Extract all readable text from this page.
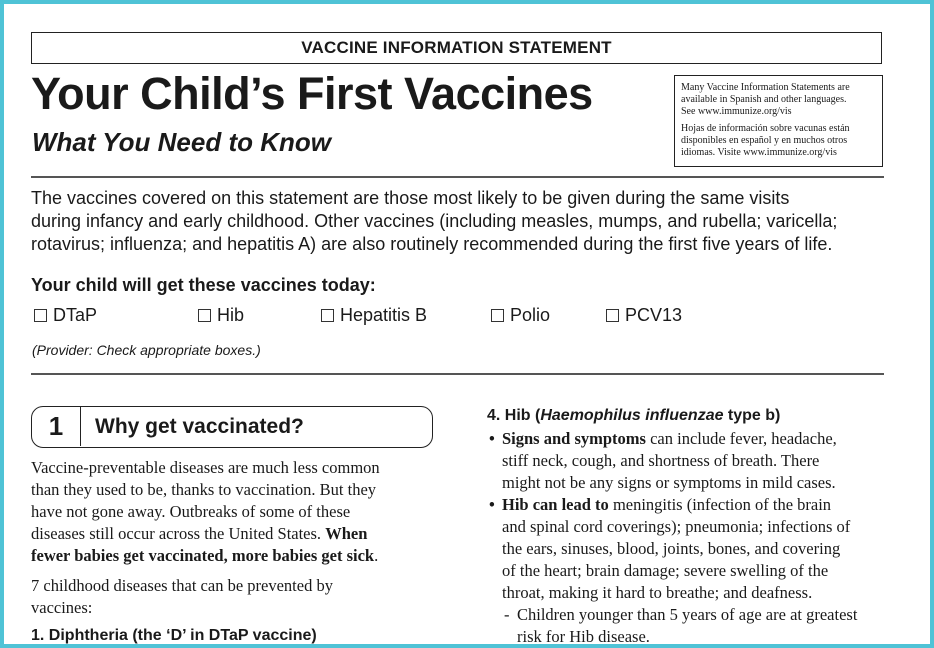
VACCINE INFORMATION STATEMENT
Your Child’s First Vaccines
What You Need to Know

Many Vaccine Information Statements are
available in Spanish and other languages.
See www.immunize.org/vis

Hojas de información sobre vacunas están
disponibles en español y en muchos otros
idiomas. Visite www.immunize.org/vis

The vaccines covered on this statement are those most likely to be given during the same visits
during infancy and early childhood. Other vaccines (including measles, mumps, and rubella; varicella;
rotavirus; influenza; and hepatitis A) are also routinely recommended during the first five years of life.
Your child will get these vaccines today:
DTaP	Hib	Hepatitis B	Polio	PCV13
(Provider: Check appropriate boxes.)
1	Why get vaccinated?

Vaccine-preventable diseases are much less common
than they used to be, thanks to vaccination. But they
have not gone away. Outbreaks of some of these
diseases still occur across the United States. When
fewer babies get vaccinated, more babies get sick.

7 childhood diseases that can be prevented by
vaccines:

1. Diphtheria (the ‘D’ in DTaP vaccine)
4. Hib (Haemophilus influenzae type b)
• Signs and symptoms can include fever, headache,
stiff neck, cough, and shortness of breath. There
might not be any signs or symptoms in mild cases.
• Hib can lead to meningitis (infection of the brain
and spinal cord coverings); pneumonia; infections of
the ears, sinuses, blood, joints, bones, and covering
of the heart; brain damage; severe swelling of the
throat, making it hard to breathe; and deafness.
- Children younger than 5 years of age are at greatest
risk for Hib disease.
